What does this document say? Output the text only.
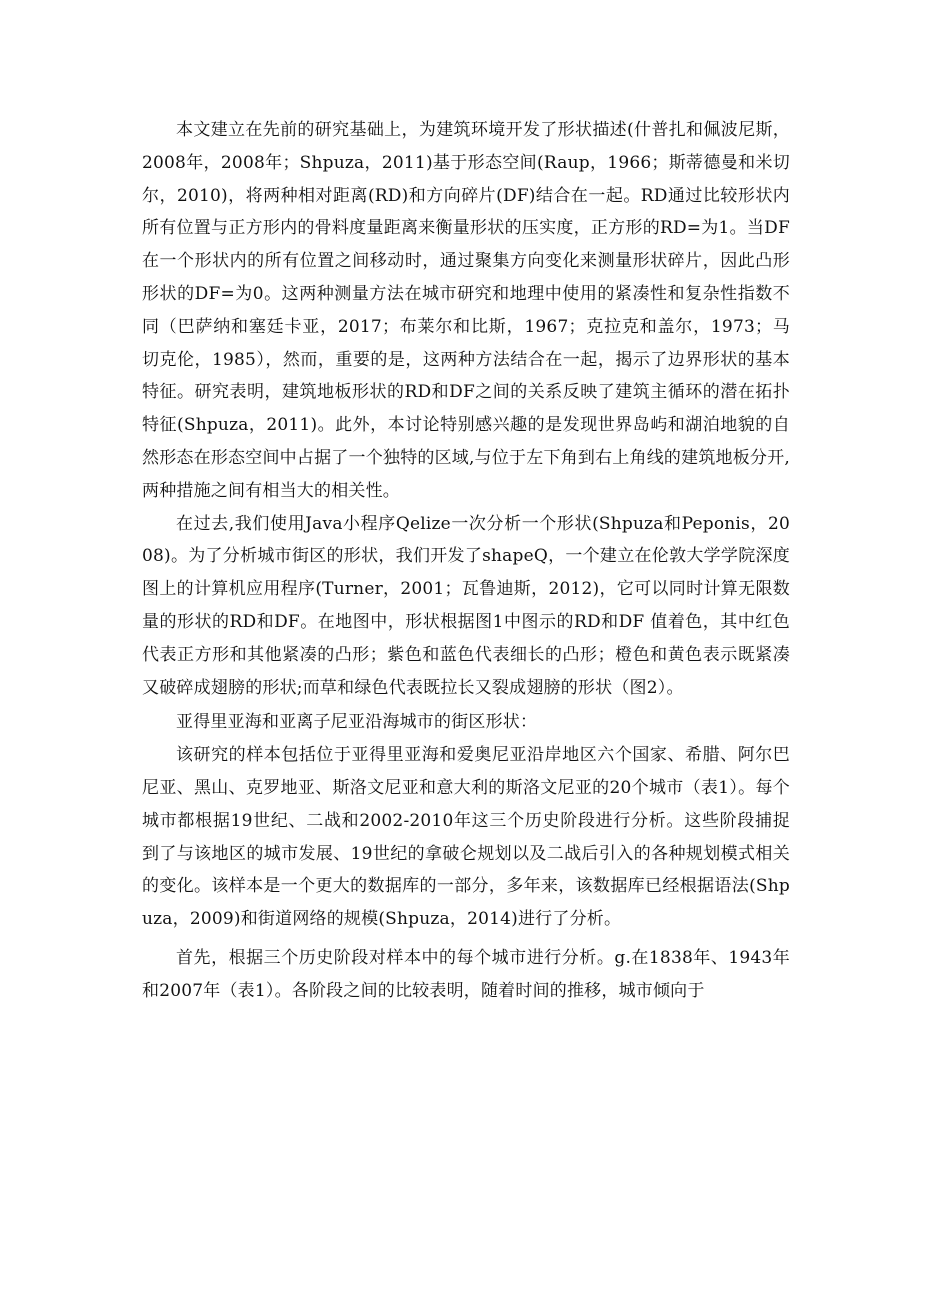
本文建立在先前的研究基础上，为建筑环境开发了形状描述(什普扎和佩波尼斯，2008年，2008年；Shpuza，2011)基于形态空间(Raup，1966；斯蒂德曼和米切尔，2010)，将两种相对距离(RD)和方向碎片(DF)结合在一起。RD通过比较形状内所有位置与正方形内的骨料度量距离来衡量形状的压实度，正方形的RD=为1。当DF在一个形状内的所有位置之间移动时，通过聚集方向变化来测量形状碎片，因此凸形形状的DF=为0。这两种测量方法在城市研究和地理中使用的紧凑性和复杂性指数不同（巴萨纳和塞廷卡亚，2017；布莱尔和比斯，1967；克拉克和盖尔，1973；马切克伦，1985），然而，重要的是，这两种方法结合在一起，揭示了边界形状的基本特征。研究表明，建筑地板形状的RD和DF之间的关系反映了建筑主循环的潜在拓扑特征(Shpuza，2011)。此外，本讨论特别感兴趣的是发现世界岛屿和湖泊地貌的自然形态在形态空间中占据了一个独特的区域,与位于左下角到右上角线的建筑地板分开,两种措施之间有相当大的相关性。

在过去,我们使用Java小程序Qelize一次分析一个形状(Shpuza和Peponis，2008)。为了分析城市街区的形状，我们开发了shapeQ，一个建立在伦敦大学学院深度图上的计算机应用程序(Turner，2001；瓦鲁迪斯，2012)，它可以同时计算无限数量的形状的RD和DF。在地图中，形状根据图1中图示的RD和DF 值着色，其中红色代表正方形和其他紧凑的凸形；紫色和蓝色代表细长的凸形；橙色和黄色表示既紧凑又破碎成翅膀的形状;而草和绿色代表既拉长又裂成翅膀的形状（图2）。

亚得里亚海和亚离子尼亚沿海城市的街区形状：

该研究的样本包括位于亚得里亚海和爱奥尼亚沿岸地区六个国家、希腊、阿尔巴尼亚、黑山、克罗地亚、斯洛文尼亚和意大利的斯洛文尼亚的20个城市（表1）。每个城市都根据19世纪、二战和2002-2010年这三个历史阶段进行分析。这些阶段捕捉到了与该地区的城市发展、19世纪的拿破仑规划以及二战后引入的各种规划模式相关的变化。该样本是一个更大的数据库的一部分，多年来，该数据库已经根据语法(Shpuza，2009)和街道网络的规模(Shpuza，2014)进行了分析。

首先，根据三个历史阶段对样本中的每个城市进行分析。g.在1838年、1943年和2007年（表1）。各阶段之间的比较表明，随着时间的推移，城市倾向于
